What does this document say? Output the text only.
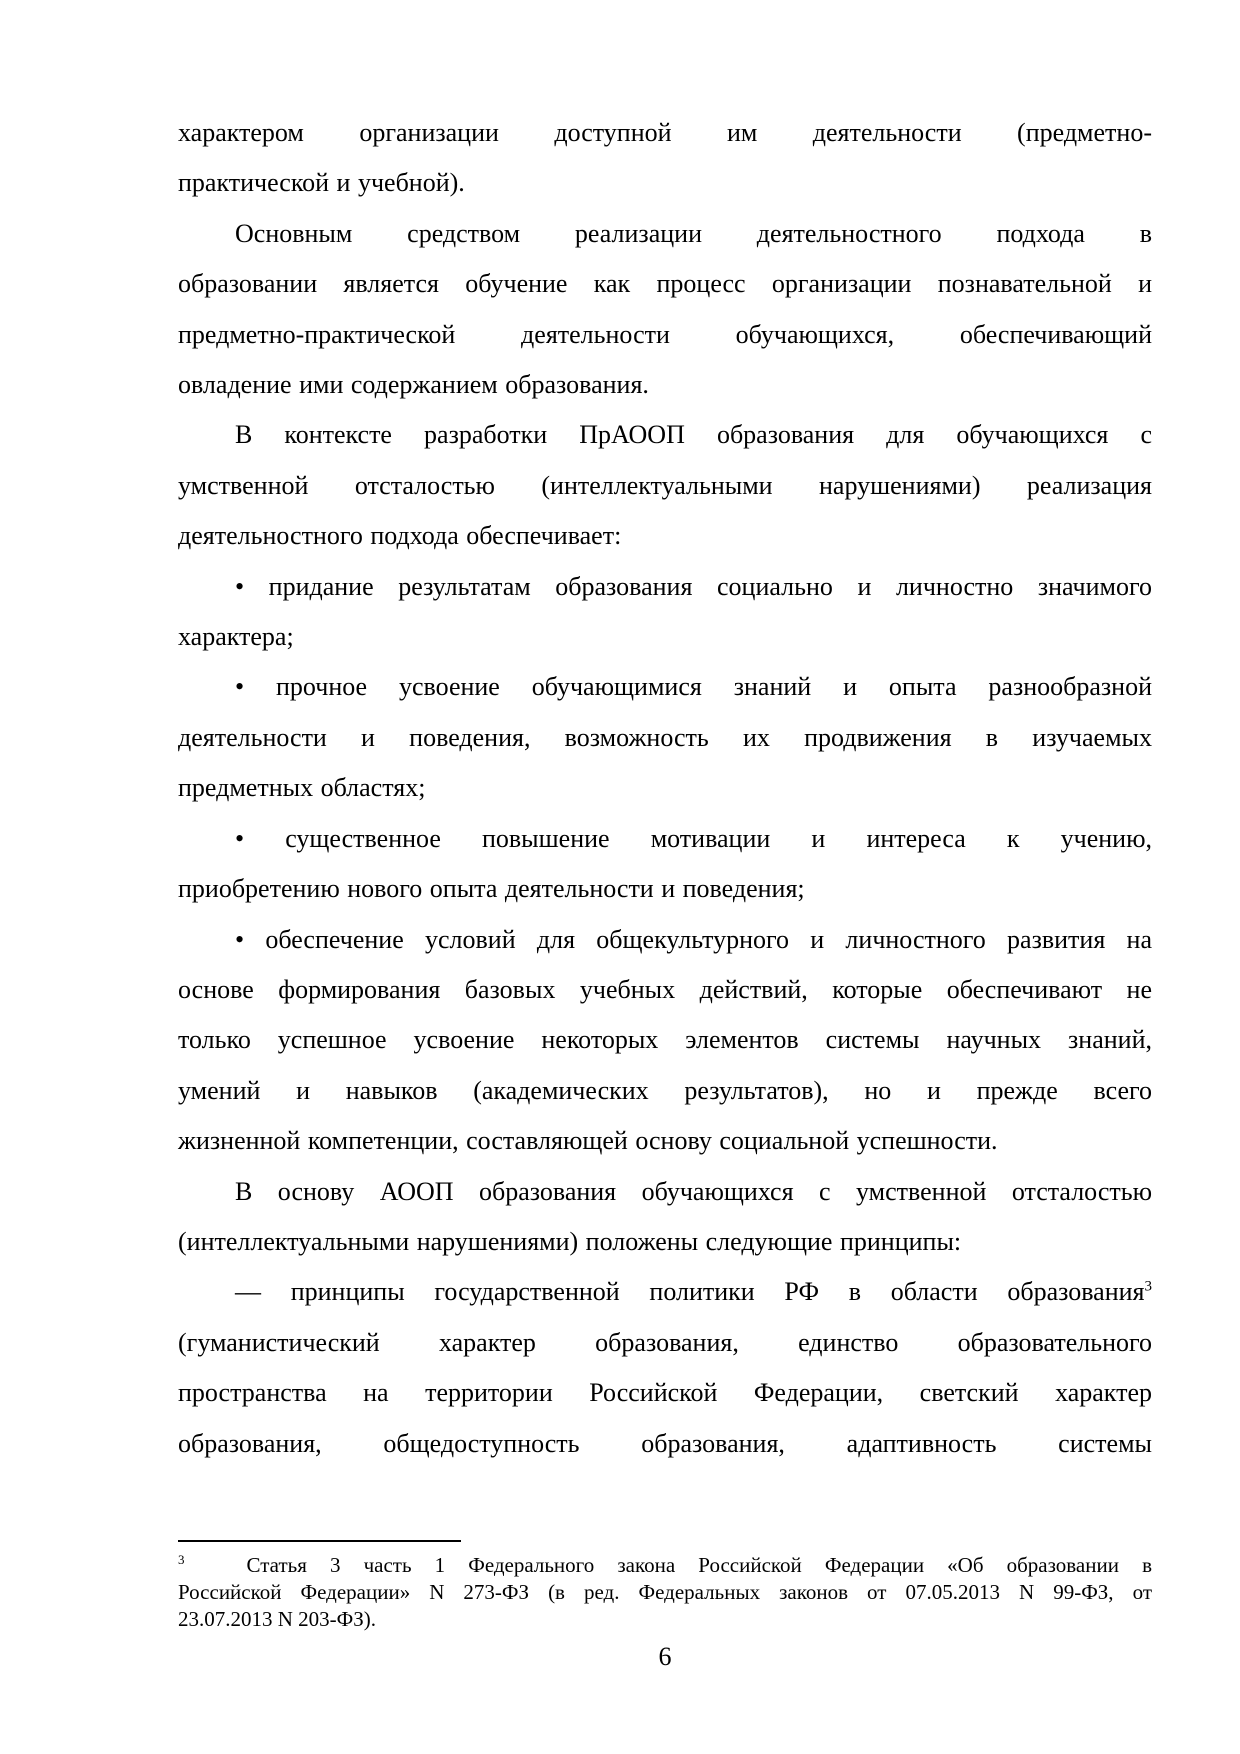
характером организации доступной им деятельности (предметно-
практической и учебной).
Основным средством реализации деятельностного подхода в
образовании является обучение как процесс организации познавательной и
предметно-практической деятельности обучающихся, обеспечивающий
овладение ими содержанием образования.
В контексте разработки ПрАООП образования для обучающихся с
умственной отсталостью (интеллектуальными нарушениями) реализация
деятельностного подхода обеспечивает:
• придание результатам образования социально и личностно значимого
характера;
• прочное усвоение обучающимися знаний и опыта разнообразной
деятельности и поведения, возможность их продвижения в изучаемых
предметных областях;
• существенное повышение мотивации и интереса к учению,
приобретению нового опыта деятельности и поведения;
• обеспечение условий для общекультурного и личностного развития на
основе формирования базовых учебных действий, которые обеспечивают не
только успешное усвоение некоторых элементов системы научных знаний,
умений и навыков (академических результатов), но и прежде всего
жизненной компетенции, составляющей основу социальной успешности.
В основу АООП образования обучающихся с умственной отсталостью
(интеллектуальными нарушениями) положены следующие принципы:
— принципы государственной политики РФ в области образования$^3$
(гуманистический характер образования, единство образовательного
пространства на территории Российской Федерации, светский характер
образования, общедоступность образования, адаптивность системы
$^3$	Статья 3 часть 1 Федерального закона Российской Федерации «Об образовании в
Российской Федерации» N 273-ФЗ (в ред. Федеральных законов от 07.05.2013 N 99-ФЗ, от
23.07.2013 N 203-ФЗ).
6
